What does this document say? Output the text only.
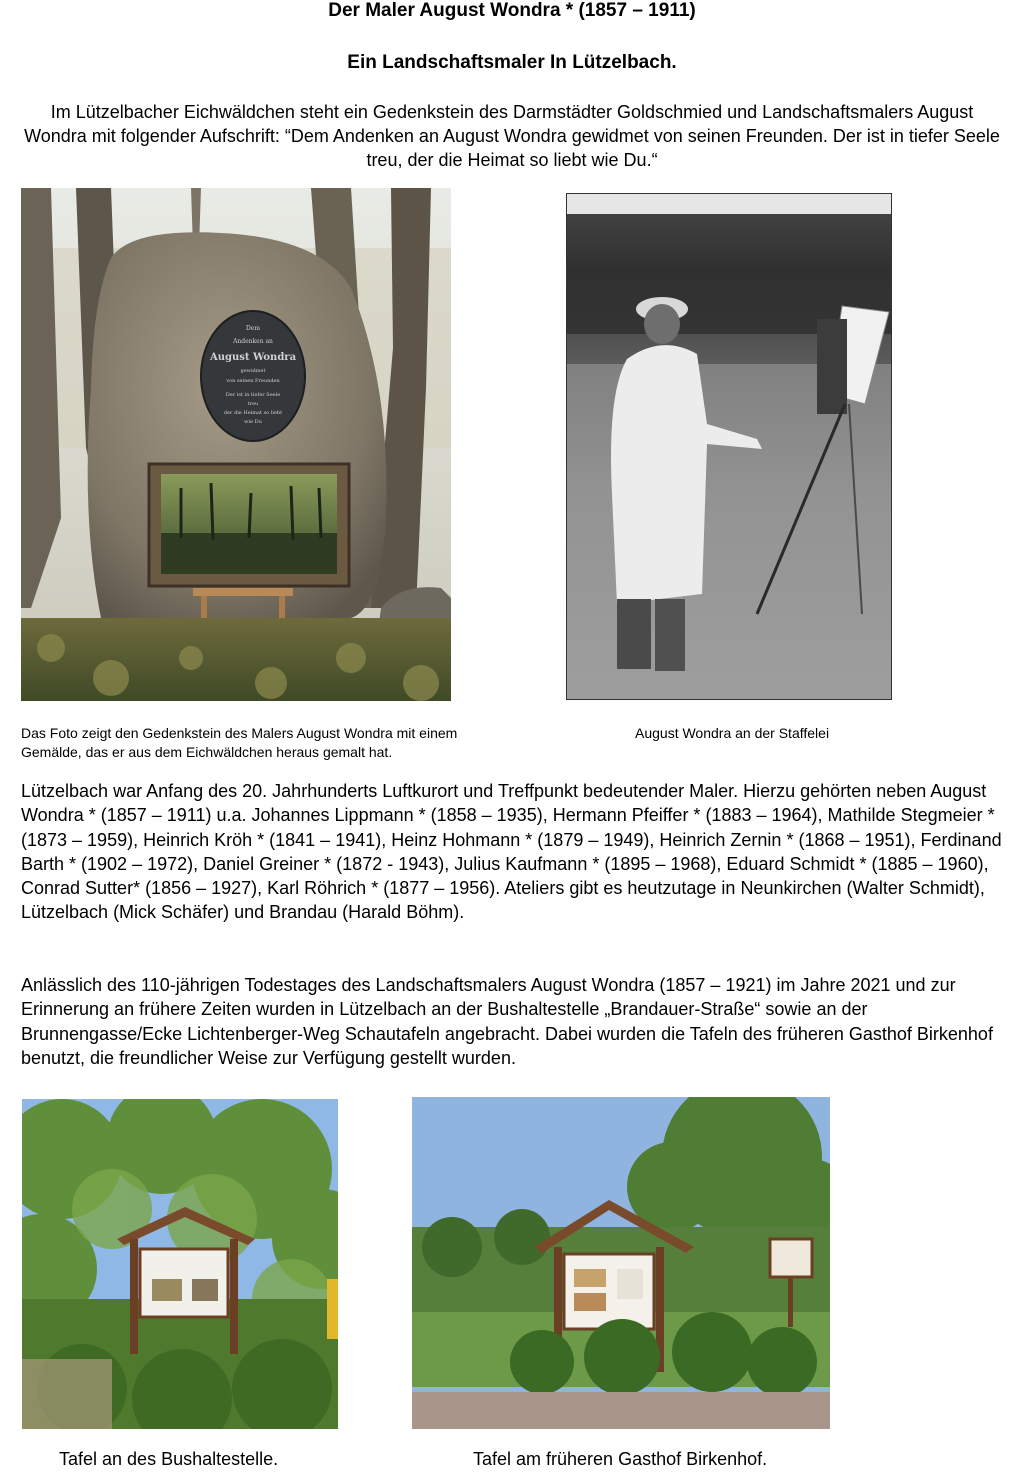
Der Maler August Wondra * (1857 – 1911)
Ein Landschaftsmaler In Lützelbach.
Im Lützelbacher Eichwäldchen steht ein Gedenkstein des Darmstädter Goldschmied und Landschaftsmalers August Wondra mit folgender Aufschrift: “Dem Andenken an August Wondra gewidmet von seinen Freunden. Der ist in tiefer Seele treu, der die Heimat so liebt wie Du.“
Dem
Andenken an
August Wondra
gewidmet
von seinen Freunden
Der ist in tiefer Seele
treu
der die Heimat so liebt
wie Du
Das Foto zeigt den Gedenkstein des Malers August Wondra mit einem Gemälde, das er aus dem Eichwäldchen heraus gemalt hat.
August Wondra an der Staffelei
Lützelbach war Anfang des 20. Jahrhunderts Luftkurort und Treffpunkt bedeutender Maler. Hierzu gehörten neben August Wondra * (1857 – 1911) u.a. Johannes Lippmann * (1858 – 1935), Hermann Pfeiffer * (1883 – 1964), Mathilde Stegmeier * (1873 – 1959), Heinrich Kröh * (1841 – 1941), Heinz Hohmann * (1879 – 1949), Heinrich Zernin * (1868 – 1951), Ferdinand Barth * (1902 – 1972), Daniel Greiner * (1872 - 1943), Julius Kaufmann * (1895 – 1968), Eduard Schmidt * (1885 – 1960), Conrad Sutter* (1856 – 1927), Karl Röhrich * (1877 – 1956). Ateliers gibt es heutzutage in Neunkirchen (Walter Schmidt), Lützelbach (Mick Schäfer) und Brandau (Harald Böhm).
Anlässlich des 110-jährigen Todestages des Landschaftsmalers August Wondra (1857 – 1921) im Jahre 2021 und zur Erinnerung an frühere Zeiten wurden in Lützelbach an der Bushaltestelle „Brandauer-Straße“ sowie an der Brunnengasse/Ecke Lichtenberger-Weg Schautafeln angebracht. Dabei wurden die Tafeln des früheren Gasthof Birkenhof benutzt, die freundlicher Weise zur Verfügung gestellt wurden.
Tafel an des Bushaltestelle.	Tafel am früheren Gasthof Birkenhof.
